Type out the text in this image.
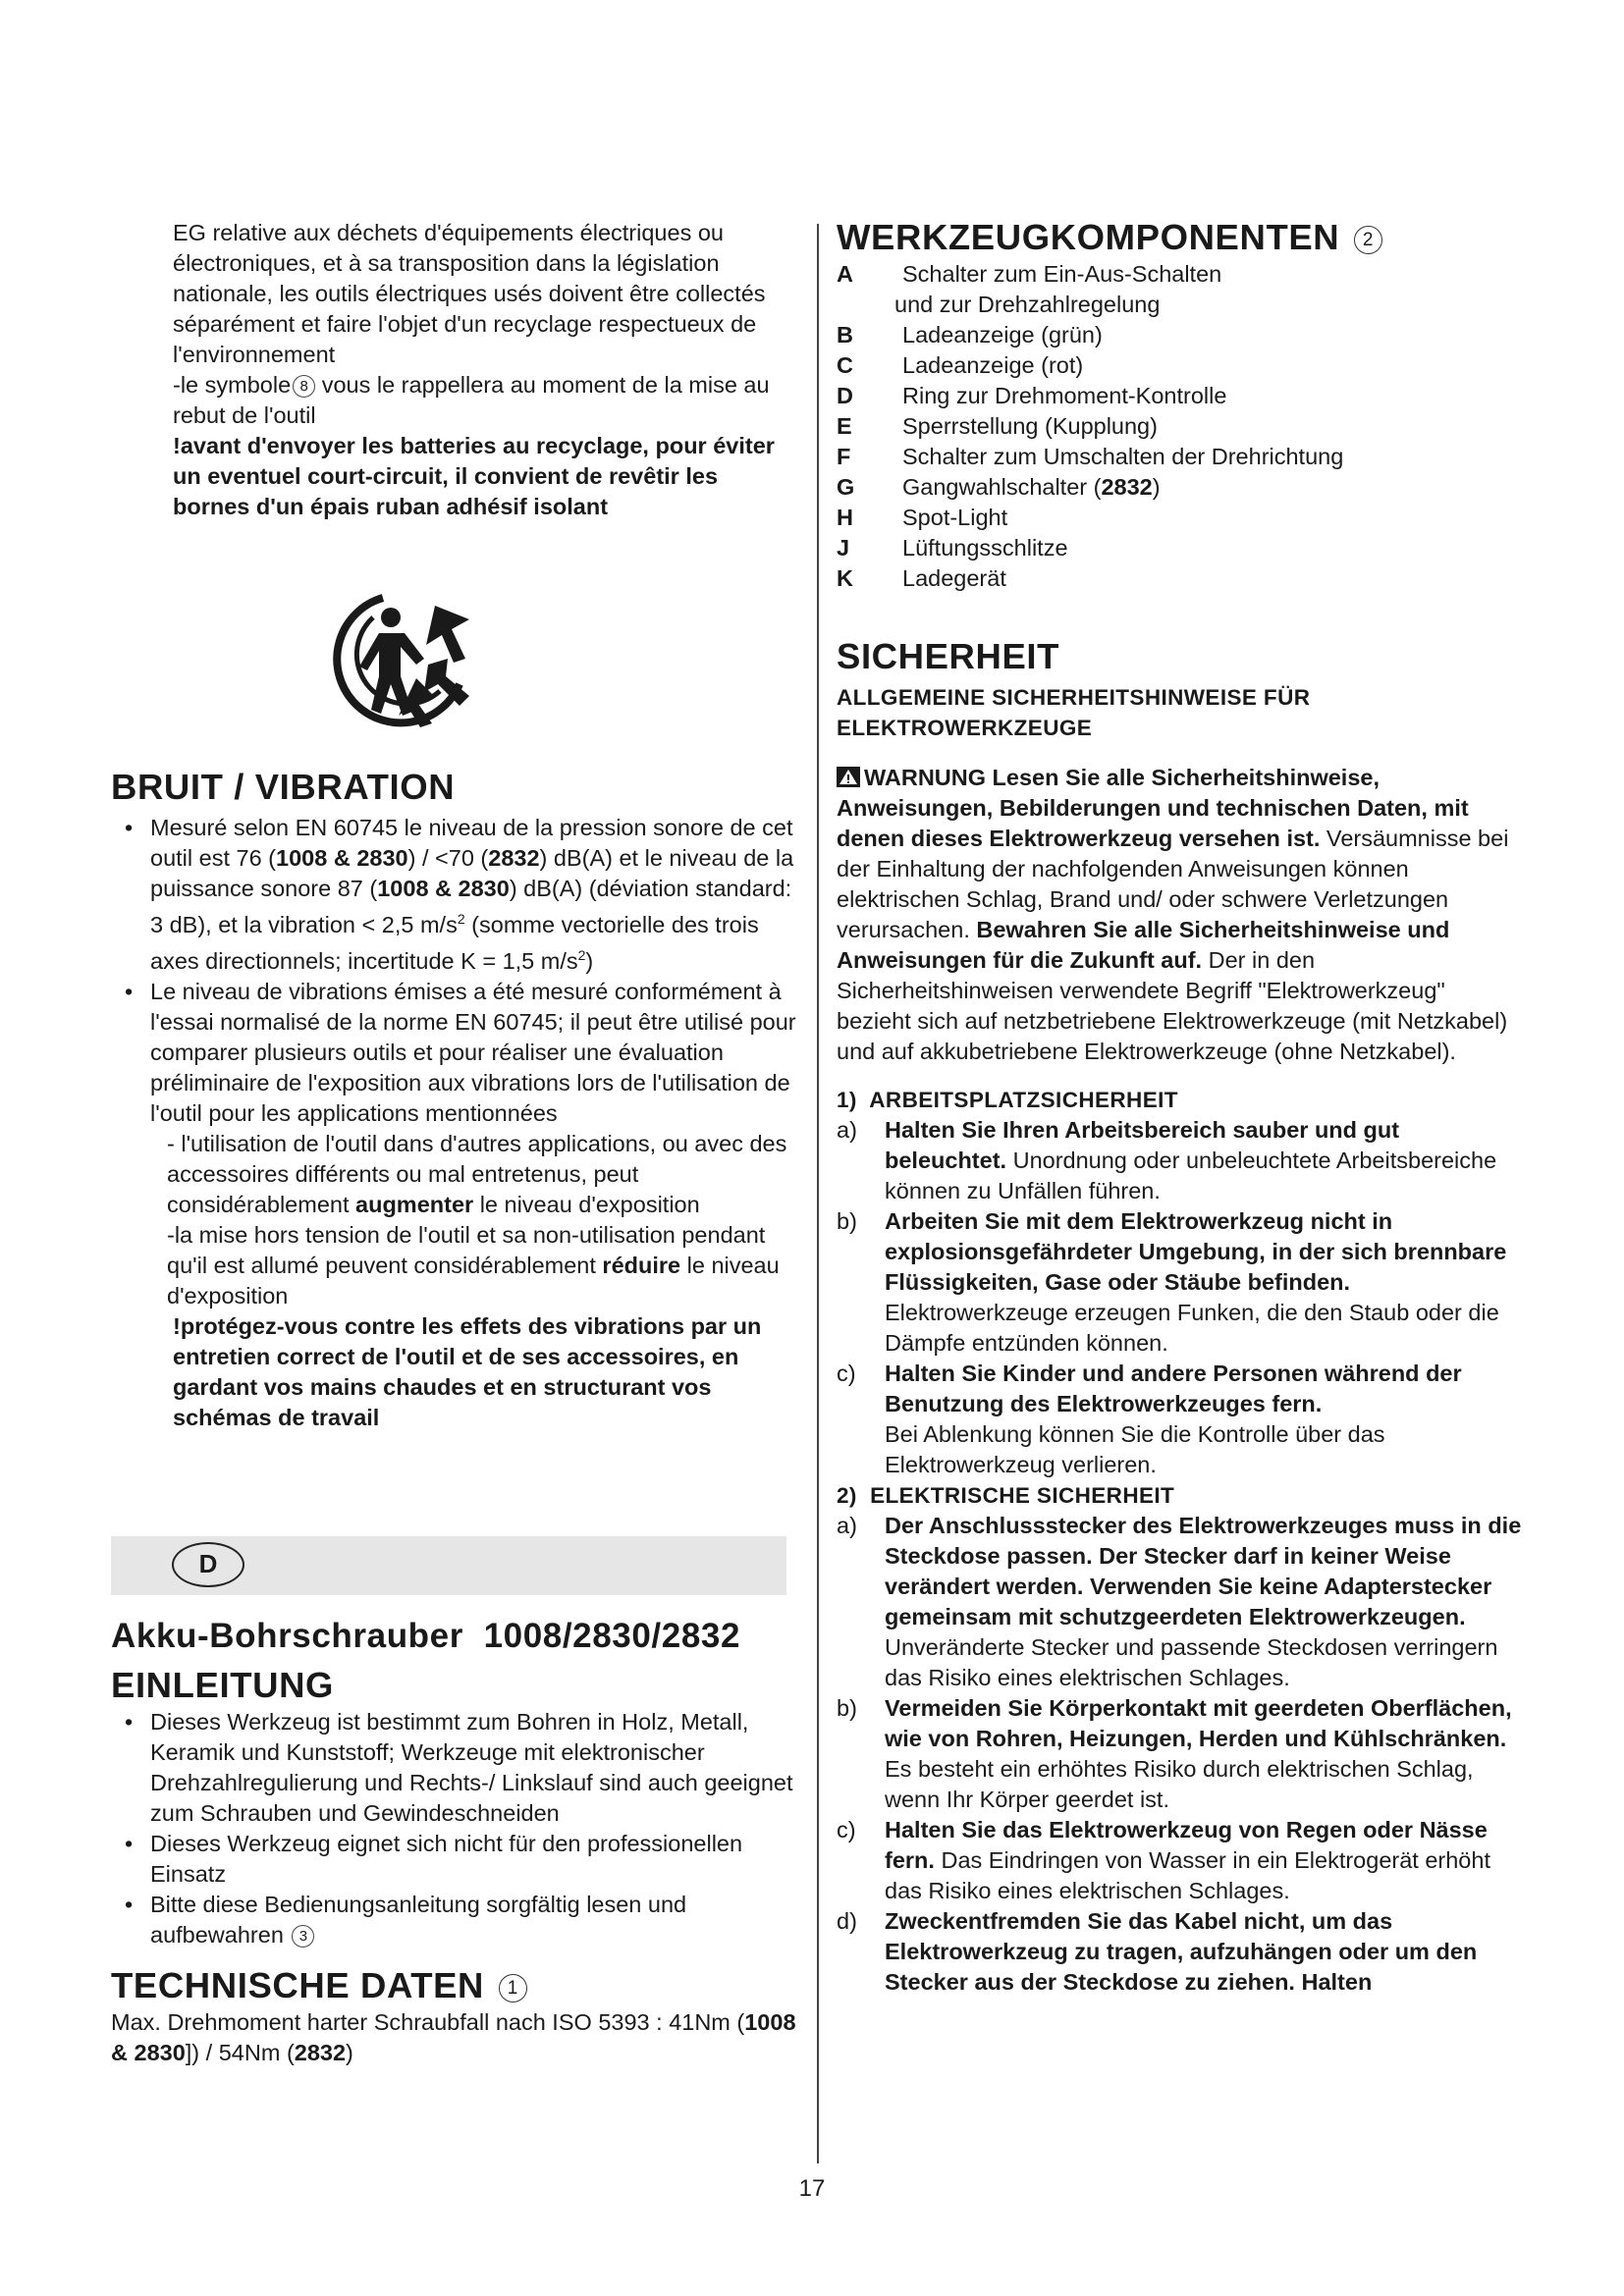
EG relative aux déchets d'équipements électriques ou électroniques, et à sa transposition dans la législation nationale, les outils électriques usés doivent être collectés séparément et faire l'objet d'un recyclage respectueux de l'environnement

-le symbole 8 vous le rappellera au moment de la mise au rebut de l'outil

!avant d'envoyer les batteries au recyclage, pour éviter un eventuel court-circuit, il convient de revêtir les bornes d'un épais ruban adhésif isolant

BRUIT / VIBRATION
• Mesuré selon EN 60745 le niveau de la pression sonore de cet outil est 76 (1008 & 2830) / <70 (2832) dB(A) et le niveau de la puissance sonore 87 (1008 & 2830) dB(A) (déviation standard: 3 dB), et la vibration < 2,5 $m/s^2$ (somme vectorielle des trois axes directionnels; incertitude K = 1,5 $m/s^2$)
• Le niveau de vibrations émises a été mesuré conformément à l'essai normalisé de la norme EN 60745; il peut être utilisé pour comparer plusieurs outils et pour réaliser une évaluation préliminaire de l'exposition aux vibrations lors de l'utilisation de l'outil pour les applications mentionnées
- l'utilisation de l'outil dans d'autres applications, ou avec des accessoires différents ou mal entretenus, peut considérablement augmenter le niveau d'exposition
-la mise hors tension de l'outil et sa non-utilisation pendant qu'il est allumé peuvent considérablement réduire le niveau d'exposition
!protégez-vous contre les effets des vibrations par un entretien correct de l'outil et de ses accessoires, en gardant vos mains chaudes et en structurant vos schémas de travail
D
Akku-Bohrschrauber  1008/2830/2832
EINLEITUNG
• Dieses Werkzeug ist bestimmt zum Bohren in Holz, Metall, Keramik und Kunststoff; Werkzeuge mit elektronischer Drehzahlregulierung und Rechts-/ Linkslauf sind auch geeignet zum Schrauben und Gewindeschneiden
• Dieses Werkzeug eignet sich nicht für den professionellen Einsatz
• Bitte diese Bedienungsanleitung sorgfältig lesen und aufbewahren 3
TECHNISCHE DATEN 1
Max. Drehmoment harter Schraubfall nach ISO 5393 : 41Nm (1008 & 2830]) / 54Nm (2832)
WERKZEUGKOMPONENTEN 2
A	Schalter zum Ein-Aus-Schalten
und zur Drehzahlregelung
B	Ladeanzeige (grün)
C	Ladeanzeige (rot)
D	Ring zur Drehmoment-Kontrolle
E	Sperrstellung (Kupplung)
F	Schalter zum Umschalten der Drehrichtung
G	Gangwahlschalter (2832)
H	Spot-Light
J	Lüftungsschlitze
K	Ladegerät
SICHERHEIT
ALLGEMEINE SICHERHEITSHINWEISE FÜR ELEKTROWERKZEUGE
WARNUNG Lesen Sie alle Sicherheitshinweise, Anweisungen, Bebilderungen und technischen Daten, mit denen dieses Elektrowerkzeug versehen ist. Versäumnisse bei der Einhaltung der nachfolgenden Anweisungen können elektrischen Schlag, Brand und/ oder schwere Verletzungen verursachen. Bewahren Sie alle Sicherheitshinweise und Anweisungen für die Zukunft auf. Der in den Sicherheitshinweisen verwendete Begriff "Elektrowerkzeug" bezieht sich auf netzbetriebene Elektrowerkzeuge (mit Netzkabel) und auf akkubetriebene Elektrowerkzeuge (ohne Netzkabel).
1)  ARBEITSPLATZSICHERHEIT
a)	Halten Sie Ihren Arbeitsbereich sauber und gut beleuchtet. Unordnung oder unbeleuchtete Arbeitsbereiche können zu Unfällen führen.
b)	Arbeiten Sie mit dem Elektrowerkzeug nicht in explosionsgefährdeter Umgebung, in der sich brennbare Flüssigkeiten, Gase oder Stäube befinden. Elektrowerkzeuge erzeugen Funken, die den Staub oder die Dämpfe entzünden können.
c)	Halten Sie Kinder und andere Personen während der Benutzung des Elektrowerkzeuges fern.
Bei Ablenkung können Sie die Kontrolle über das Elektrowerkzeug verlieren.
2)  ELEKTRISCHE SICHERHEIT
a)	Der Anschlussstecker des Elektrowerkzeuges muss in die Steckdose passen. Der Stecker darf in keiner Weise verändert werden. Verwenden Sie keine Adapterstecker gemeinsam mit schutzgeerdeten Elektrowerkzeugen. Unveränderte Stecker und passende Steckdosen verringern das Risiko eines elektrischen Schlages.
b)	Vermeiden Sie Körperkontakt mit geerdeten Oberflächen, wie von Rohren, Heizungen, Herden und Kühlschränken. Es besteht ein erhöhtes Risiko durch elektrischen Schlag, wenn Ihr Körper geerdet ist.
c)	Halten Sie das Elektrowerkzeug von Regen oder Nässe fern. Das Eindringen von Wasser in ein Elektrogerät erhöht das Risiko eines elektrischen Schlages.
d)	Zweckentfremden Sie das Kabel nicht, um das Elektrowerkzeug zu tragen, aufzuhängen oder um den Stecker aus der Steckdose zu ziehen. Halten
17
